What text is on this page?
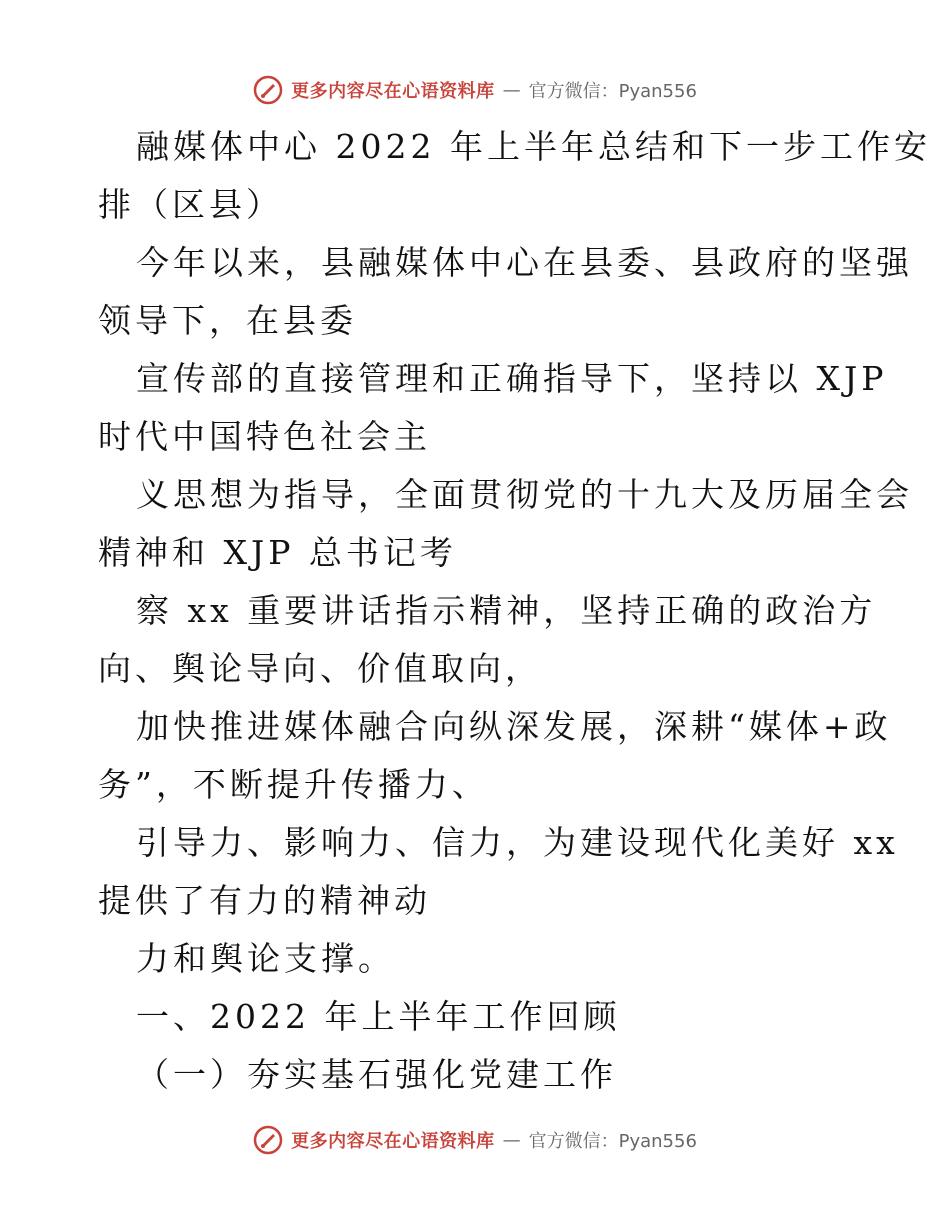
更多内容尽在心语资料库 — 官方微信：Pyan556
融媒体中心 2022 年上半年总结和下一步工作安
排（区县）
今年以来，县融媒体中心在县委、县政府的坚强
领导下，在县委
宣传部的直接管理和正确指导下，坚持以 XJP
时代中国特色社会主
义思想为指导，全面贯彻党的十九大及历届全会
精神和 XJP 总书记考
察 xx 重要讲话指示精神，坚持正确的政治方
向、舆论导向、价值取向，
加快推进媒体融合向纵深发展，深耕“媒体+政
务”，不断提升传播力、
引导力、影响力、信力，为建设现代化美好 xx
提供了有力的精神动
力和舆论支撑。
一、2022 年上半年工作回顾
（一）夯实基石强化党建工作
更多内容尽在心语资料库 — 官方微信：Pyan556
